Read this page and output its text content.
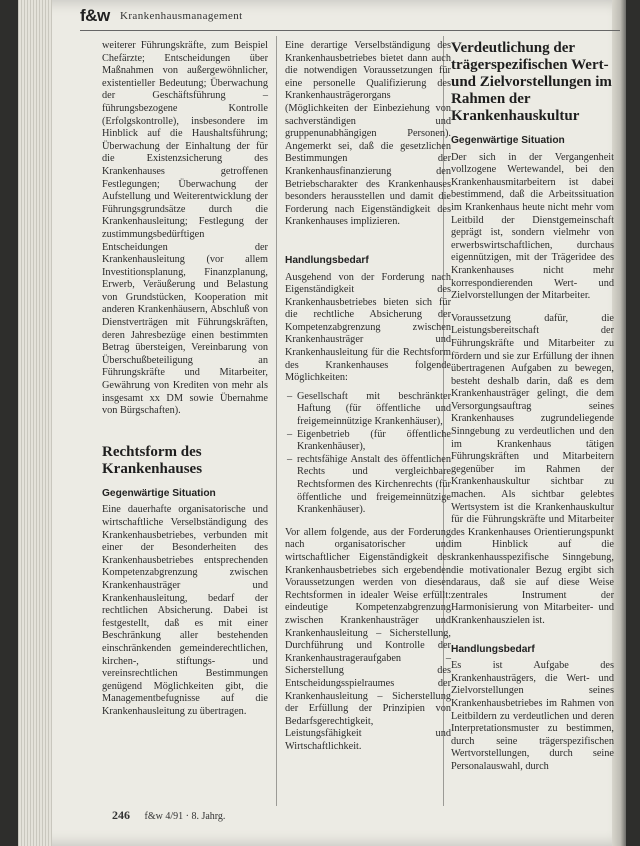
f&w Krankenhausmanagement

weiterer Führungskräfte, zum Beispiel Chefärzte; Entscheidungen über Maßnahmen von außergewöhnlicher, existentieller Bedeutung; Überwachung der Geschäftsführung – führungsbezogene Kontrolle (Erfolgskontrolle), insbesondere im Hinblick auf die Haushaltsführung; Überwachung der Einhaltung der für die Existenzsicherung des Krankenhauses getroffenen Festlegungen; Überwachung der Aufstellung und Weiterentwicklung der Führungsgrundsätze durch die Krankenhausleitung; Festlegung der zustimmungsbedürftigen Entscheidungen der Krankenhausleitung (vor allem Investitionsplanung, Finanzplanung, Erwerb, Veräußerung und Belastung von Grundstücken, Kooperation mit anderen Krankenhäusern, Abschluß von Dienstverträgen mit Führungskräften, deren Jahresbezüge einen bestimmten Betrag übersteigen, Vereinbarung von Überschußbeteiligung an Führungskräfte und Mitarbeiter, Gewährung von Krediten von mehr als insgesamt xx DM sowie Übernahme von Bürgschaften).

Rechtsform des Krankenhauses
Gegenwärtige Situation

Eine dauerhafte organisatorische und wirtschaftliche Verselbständigung des Krankenhausbetriebes, verbunden mit einer der Besonderheiten des Krankenhausbetriebes entsprechenden Kompetenzabgrenzung zwischen Krankenhausträger und Krankenhausleitung, bedarf der rechtlichen Absicherung. Dabei ist festgestellt, daß es mit einer Beschränkung aller bestehenden einschränkenden gemeinderechtlichen, kirchen-, stiftungs- und vereinsrechtlichen Bestimmungen genügend Möglichkeiten gibt, die Managementbefugnisse auf die Krankenhausleitung zu übertragen.

Eine derartige Verselbständigung des Krankenhausbetriebes bietet dann auch die notwendigen Voraussetzungen für eine personelle Qualifizierung des Krankenhausträgerorgans (Möglichkeiten der Einbeziehung von sachverständigen und gruppenunabhängigen Personen). Angemerkt sei, daß die gesetzlichen Bestimmungen der Krankenhausfinanzierung den Betriebscharakter des Krankenhauses besonders herausstellen und damit die Forderung nach Eigenständigkeit des Krankenhauses implizieren.

Handlungsbedarf

Ausgehend von der Forderung nach Eigenständigkeit des Krankenhausbetriebes bieten sich für die rechtliche Absicherung der Kompetenzabgrenzung zwischen Krankenhausträger und Krankenhausleitung für die Rechtsform des Krankenhauses folgende Möglichkeiten:

– Gesellschaft mit beschränkter Haftung (für öffentliche und freigemeinnützige Krankenhäuser),
– Eigenbetrieb (für öffentliche Krankenhäuser),
– rechtsfähige Anstalt des öffentlichen Rechts und vergleichbare Rechtsformen des Kirchenrechts (für öffentliche und freigemeinnützige Krankenhäuser).

Vor allem folgende, aus der Forderung nach organisatorischer und wirtschaftlicher Eigenständigkeit des Krankenhausbetriebes sich ergebenden Voraussetzungen werden von diesen Rechtsformen in idealer Weise erfüllt: eindeutige Kompetenzabgrenzung zwischen Krankenhausträger und Krankenhausleitung – Sicherstellung, Durchführung und Kontrolle der Krankenhaustrageraufgaben – Sicherstellung des Entscheidungsspielraumes der Krankenhausleitung – Sicherstellung der Erfüllung der Prinzipien von Bedarfsgerechtigkeit, Leistungsfähigkeit und Wirtschaftlichkeit.

Verdeutlichung der trägerspezifischen Wert- und Zielvorstellungen im Rahmen der Krankenhauskultur
Gegenwärtige Situation

Der sich in der Vergangenheit vollzogene Wertewandel, bei den Krankenhausmitarbeitern ist dabei bestimmend, daß die Arbeitssituation im Krankenhaus heute nicht mehr vom Leitbild der Dienstgemeinschaft geprägt ist, sondern vielmehr von erwerbswirtschaftlichen, durchaus eigennützigen, mit der Trägeridee des Krankenhauses nicht mehr korrespondierenden Wert- und Zielvorstellungen der Mitarbeiter.

Voraussetzung dafür, die Leistungsbereitschaft der Führungskräfte und Mitarbeiter zu fördern und sie zur Erfüllung der ihnen übertragenen Aufgaben zu bewegen, besteht deshalb darin, daß es dem Krankenhausträger gelingt, die dem Versorgungsauftrag seines Krankenhauses zugrundeliegende Sinngebung zu verdeutlichen und den im Krankenhaus tätigen Führungskräften und Mitarbeitern gegenüber im Rahmen der Krankenhauskultur sichtbar zu machen. Als sichtbar gelebtes Wertsystem ist die Krankenhauskultur für die Führungskräfte und Mitarbeiter des Krankenhauses Orientierungspunkt im Hinblick auf die krankenhausspezifische Sinngebung, die motivationaler Bezug ergibt sich daraus, daß sie auf diese Weise zentrales Instrument der Harmonisierung von Mitarbeiter- und Krankenhauszielen ist.

Handlungsbedarf

Es ist Aufgabe des Krankenhausträgers, die Wert- und Zielvorstellungen seines Krankenhausbetriebes im Rahmen von Leitbildern zu verdeutlichen und deren Interpretationsmuster zu bestimmen, durch seine trägerspezifischen Wertvorstellungen, durch seine Personalauswahl, durch

246 f&w 4/91 · 8. Jahrg.
